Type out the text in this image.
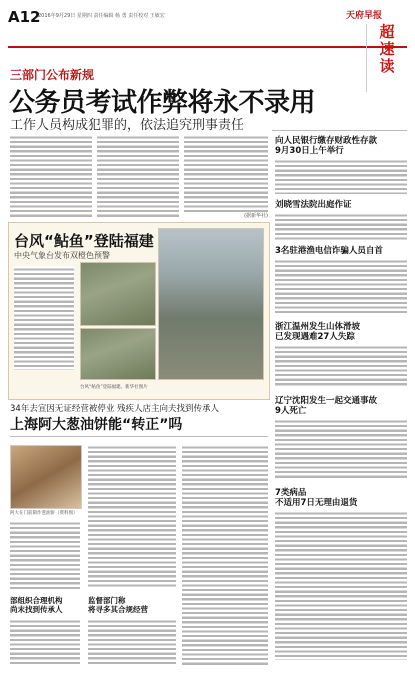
A12
2016年9月29日 星期四 责任编辑 杨 勇 责任校对 王敏宏	天府早报
超
速
读
三部门公布新规
公务员考试作弊将永不录用
工作人员构成犯罪的，依法追究刑事责任
(据新华社)
向人民银行缴存财政性存款
9月30日上午举行
刘晓雪法院出庭作证
3名驻港渔电信诈骗人员自首
浙江温州发生山体滑坡
已发现遇难27人失踪
辽宁沈阳发生一起交通事故
9人死亡
7类病品
不适用7日无理由退货
台风“鲇鱼”登陆福建
中央气象台发布双橙色预警
台风“鲇鱼”登陆福建。新华社图片
34年去宣因无证经营被停业 残疾人店主向夫找到传承人
上海阿大葱油饼能“转正”吗
阿大在门前制作葱油饼（资料图）
部组织合理机构
尚末找到传承人
监督部门称
将寻多其合规经营
